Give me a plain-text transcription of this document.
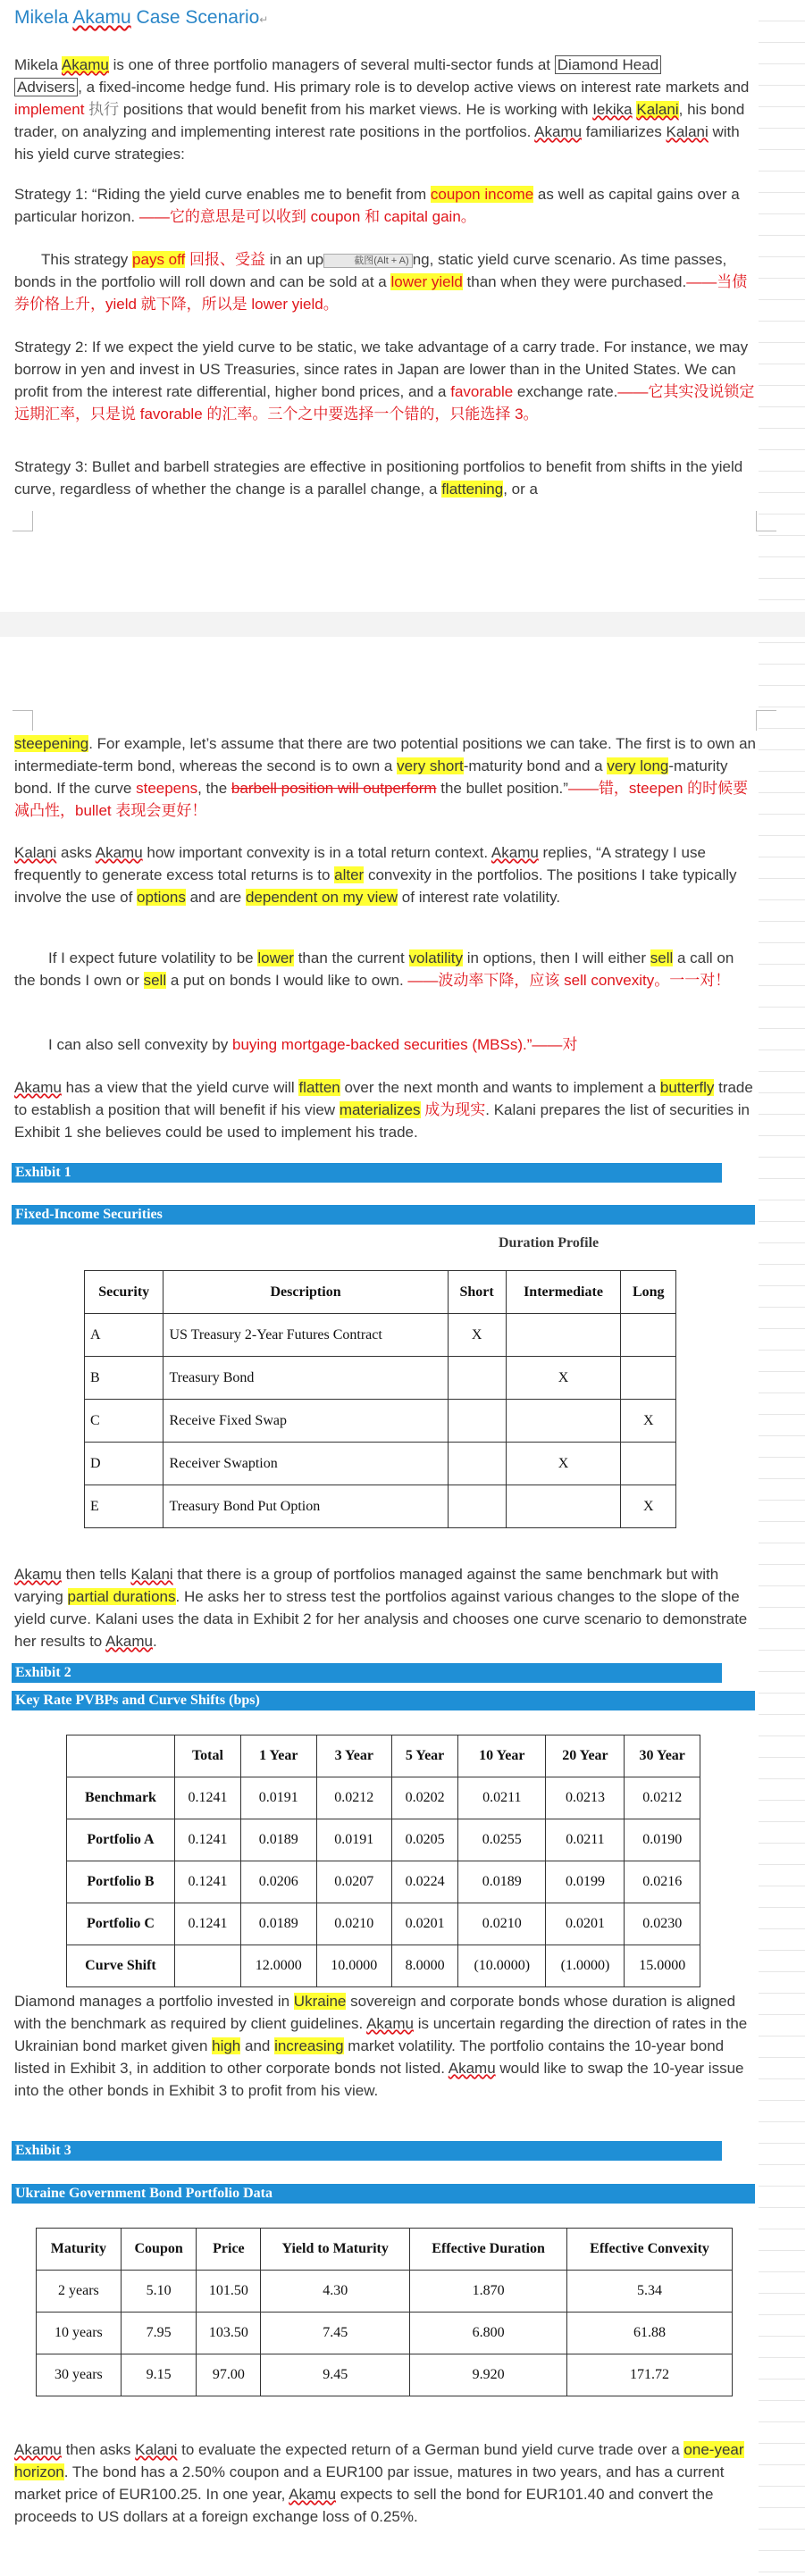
Mikela Akamu Case Scenario↵

Mikela Akamu is one of three portfolio managers of several multi-sector funds at Diamond Head
Advisers , a fixed-income hedge fund. His primary role is to develop active views on interest rate markets and implement 执行 positions that would benefit from his market views. He is working with Iekika Kalani, his bond trader, on analyzing and implementing interest rate positions in the portfolios. Akamu familiarizes Kalani with his yield curve strategies:

Strategy 1: “Riding the yield curve enables me to benefit from coupon income as well as capital gains over a particular horizon. ——它的意思是可以收到 coupon 和 capital gain。

This strategy pays off 回报、受益 in an up	截图(Alt + A) ng, static yield curve scenario. As time passes, bonds in the portfolio will roll down and can be sold at a lower yield than when they were purchased.——当债券价格上升，yield 就下降，所以是 lower yield。

Strategy 2: If we expect the yield curve to be static, we take advantage of a carry trade. For instance, we may borrow in yen and invest in US Treasuries, since rates in Japan are lower than in the United States. We can profit from the interest rate differential, higher bond prices, and a favorable exchange rate.——它其实没说锁定远期汇率，只是说 favorable 的汇率。三个之中要选择一个错的，只能选择 3。

Strategy 3: Bullet and barbell strategies are effective in positioning portfolios to benefit from shifts in the yield curve, regardless of whether the change is a parallel change, a flattening, or a

steepening. For example, let’s assume that there are two potential positions we can take. The first is to own an intermediate-term bond, whereas the second is to own a very short-maturity bond and a very long-maturity bond. If the curve steepens, the barbell position will outperform the bullet position.”——错，steepen 的时候要减凸性，bullet 表现会更好！

Kalani asks Akamu how important convexity is in a total return context. Akamu replies, “A strategy I use frequently to generate excess total returns is to alter convexity in the portfolios. The positions I take typically involve the use of options and are dependent on my view of interest rate volatility.

If I expect future volatility to be lower than the current volatility in options, then I will either sell a call on the bonds I own or sell a put on bonds I would like to own. ——波动率下降，应该 sell convexity。一一对！

I can also sell convexity by buying mortgage-backed securities (MBSs).”——对

Akamu has a view that the yield curve will flatten over the next month and wants to implement a butterfly trade to establish a position that will benefit if his view materializes 成为现实. Kalani prepares the list of securities in Exhibit 1 she believes could be used to implement his trade.

Exhibit 1
Fixed-Income Securities
Duration Profile
Security	Description	Short	Intermediate	Long
A	US Treasury 2-Year Futures Contract	X		
B	Treasury Bond		X	
C	Receive Fixed Swap			X
D	Receiver Swaption		X	
E	Treasury Bond Put Option			X

Akamu then tells Kalani that there is a group of portfolios managed against the same benchmark but with varying partial durations. He asks her to stress test the portfolios against various changes to the slope of the yield curve. Kalani uses the data in Exhibit 2 for her analysis and chooses one curve scenario to demonstrate her results to Akamu.

Exhibit 2
Key Rate PVBPs and Curve Shifts (bps)
	Total	1 Year	3 Year	5 Year	10 Year	20 Year	30 Year
Benchmark	0.1241	0.0191	0.0212	0.0202	0.0211	0.0213	0.0212
Portfolio A	0.1241	0.0189	0.0191	0.0205	0.0255	0.0211	0.0190
Portfolio B	0.1241	0.0206	0.0207	0.0224	0.0189	0.0199	0.0216
Portfolio C	0.1241	0.0189	0.0210	0.0201	0.0210	0.0201	0.0230
Curve Shift		12.0000	10.0000	8.0000	(10.0000)	(1.0000)	15.0000

Diamond manages a portfolio invested in Ukraine sovereign and corporate bonds whose duration is aligned with the benchmark as required by client guidelines. Akamu is uncertain regarding the direction of rates in the Ukrainian bond market given high and increasing market volatility. The portfolio contains the 10-year bond listed in Exhibit 3, in addition to other corporate bonds not listed. Akamu would like to swap the 10-year issue into the other bonds in Exhibit 3 to profit from his view.

Exhibit 3
Ukraine Government Bond Portfolio Data
Maturity	Coupon	Price	Yield to Maturity	Effective Duration	Effective Convexity
2 years	5.10	101.50	4.30	1.870	5.34
10 years	7.95	103.50	7.45	6.800	61.88
30 years	9.15	97.00	9.45	9.920	171.72

Akamu then asks Kalani to evaluate the expected return of a German bund yield curve trade over a one-year horizon. The bond has a 2.50% coupon and a EUR100 par issue, matures in two years, and has a current market price of EUR100.25. In one year, Akamu expects to sell the bond for EUR101.40 and convert the proceeds to US dollars at a foreign exchange loss of 0.25%.
